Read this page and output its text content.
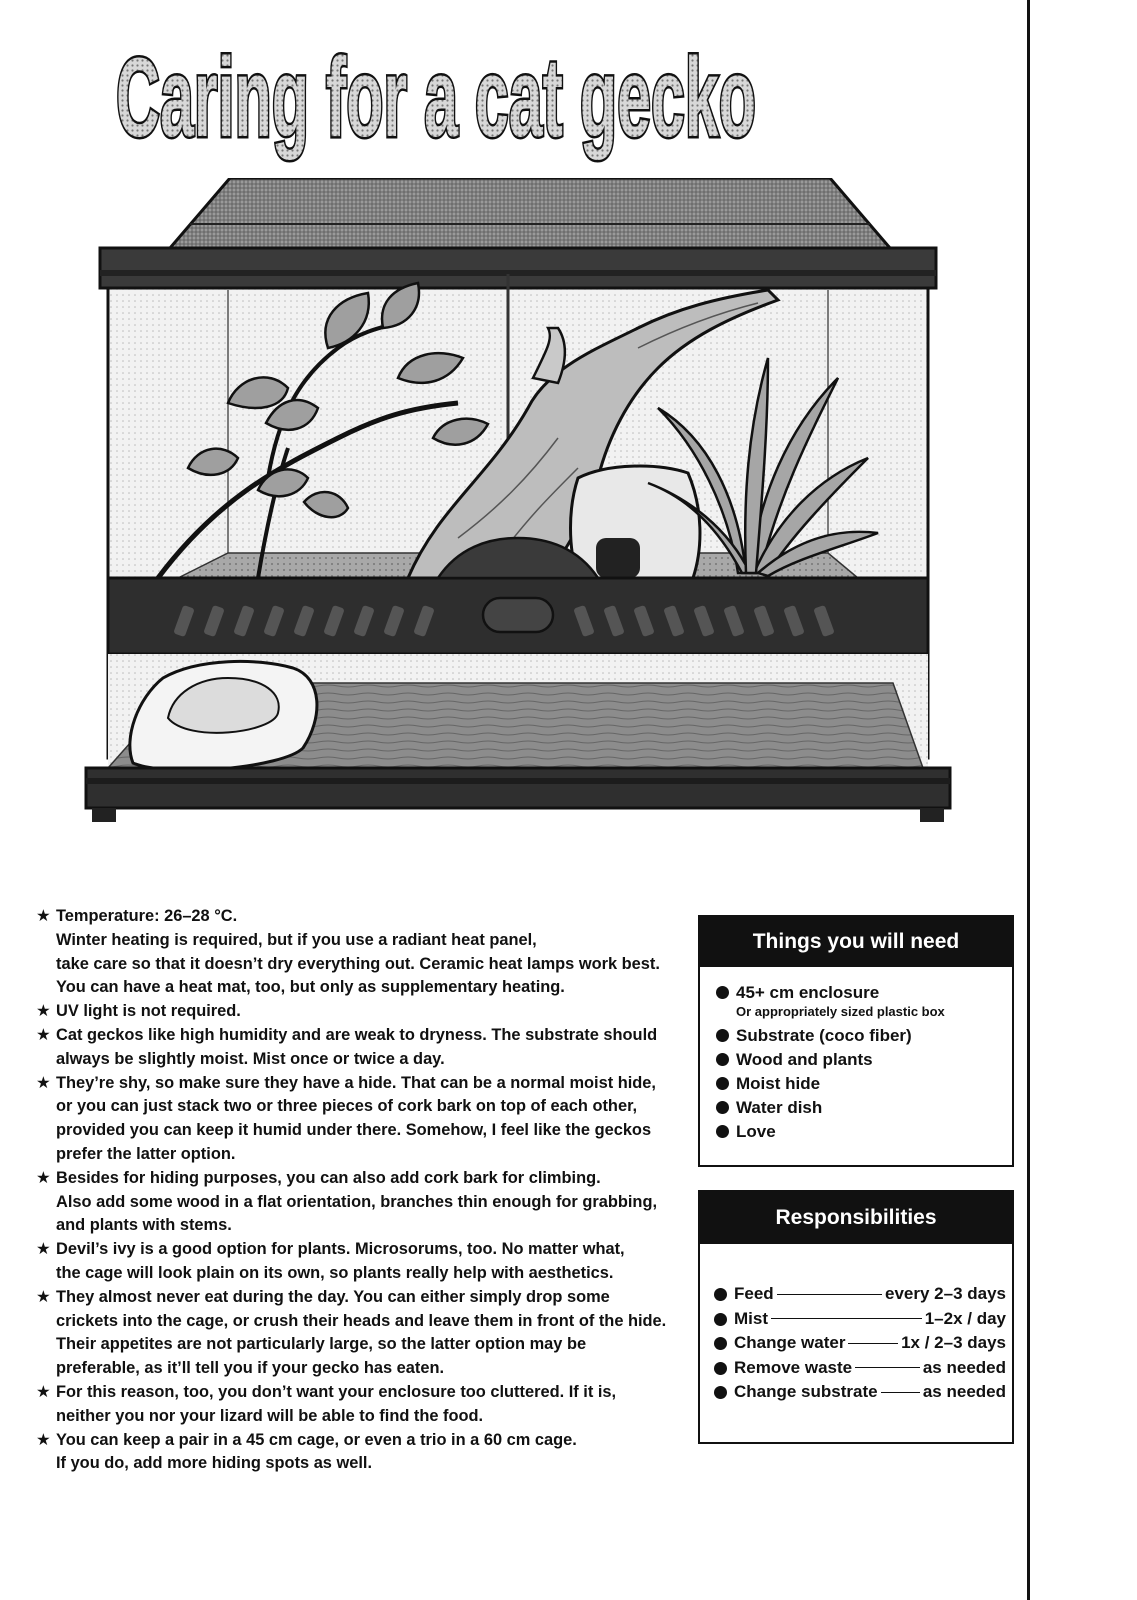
Caring for a cat gecko
★ Temperature: 26–28 °C.
Winter heating is required, but if you use a radiant heat panel,
take care so that it doesn’t dry everything out. Ceramic heat lamps work best.
You can have a heat mat, too, but only as supplementary heating.
★ UV light is not required.
★ Cat geckos like high humidity and are weak to dryness. The substrate should
always be slightly moist. Mist once or twice a day.
★ They’re shy, so make sure they have a hide. That can be a normal moist hide,
or you can just stack two or three pieces of cork bark on top of each other,
provided you can keep it humid under there. Somehow, I feel like the geckos
prefer the latter option.
★ Besides for hiding purposes, you can also add cork bark for climbing.
Also add some wood in a flat orientation, branches thin enough for grabbing,
and plants with stems.
★ Devil’s ivy is a good option for plants. Microsorums, too. No matter what,
the cage will look plain on its own, so plants really help with aesthetics.
★ They almost never eat during the day. You can either simply drop some
crickets into the cage, or crush their heads and leave them in front of the hide.
Their appetites are not particularly large, so the latter option may be
preferable, as it’ll tell you if your gecko has eaten.
★ For this reason, too, you don’t want your enclosure too cluttered. If it is,
neither you nor your lizard will be able to find the food.
★ You can keep a pair in a 45 cm cage, or even a trio in a 60 cm cage.
If you do, add more hiding spots as well.
Things you will need
45+ cm enclosure
Or appropriately sized plastic box
Substrate (coco fiber)
Wood and plants
Moist hide
Water dish
Love
Responsibilities
Feed	every 2–3 days
Mist	1–2x / day
Change water	1x / 2–3 days
Remove waste	as needed
Change substrate	as needed
